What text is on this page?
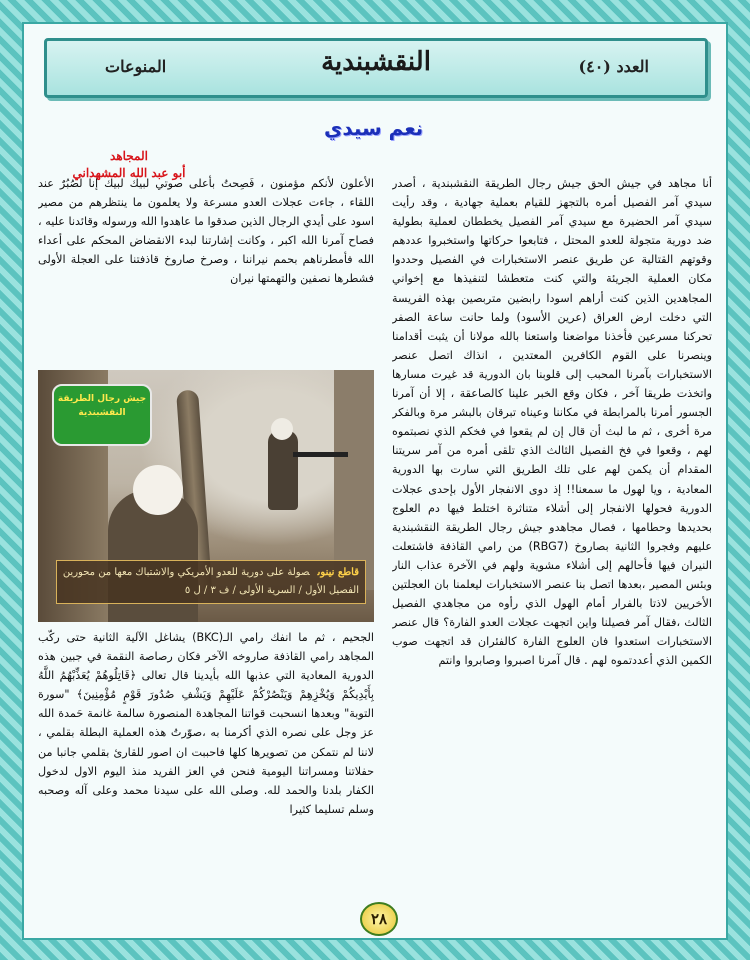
المنوعات	النقشبندية	العدد (٤٠)
نعم سيدي
المجاهد
أبو عبد الله المشهداني
أنا مجاهد في جيش الحق جيش رجال الطريقة النقشبندية ، أصدر سيدي آمر الفصيل أمره بالتجهز للقيام بعملية جهادية ، وقد رأيت سيدي آمر الحضيرة مع سيدي آمر الفصيل يخططان لعملية بطولية ضد دورية متجولة للعدو المحتل ، فتابعوا حركاتها واستخبروا عددهم وقوتهم القتالية عن طريق عنصر الاستخبارات في الفصيل وحددوا مكان العملية الجريئة والتي كنت متعطشا لتنفيذها مع إخواني المجاهدين الذين كنت أراهم اسودا رابضين متربصين بهذه الفريسة التي دخلت ارض العراق (عرين الأسود) ولما حانت ساعة الصفر تحركنا مسرعين فأخذنا مواضعنا واستعنا بالله مولانا أن يثبت أقدامنا وينصرنا على القوم الكافرين المعتدين ، انذاك اتصل عنصر الاستخبارات بآمرنا المحبب إلى قلوبنا بان الدورية قد غيرت مسارها واتخذت طريقا آخر ، فكان وقع الخبر علينا كالصاعقة ، إلا أن آمرنا الجسور أمرنا بالمرابطة في مكاننا وعيناه تبرقان بالبشر مرة وبالفكر مرة أخرى ، ثم ما لبث أن قال إن لم يقعوا في فخكم الذي نصبتموه لهم ، وقعوا في فخ الفصيل الثالث الذي تلقى أمره من آمر سريتنا المقدام أن يكمن لهم على تلك الطريق التي سارت بها الدورية المعادية ، ويا لهول ما سمعنا!! إذ دوى الانفجار الأول بإحدى عجلات الدورية فحولها الانفجار إلى أشلاء متناثرة اختلط فيها دم العلوج بحديدها وحطامها ، فصال مجاهدو جيش رجال الطريقة النقشبندية عليهم وفجروا الثانية بصاروخ (RBG7) من رامي القاذفة فاشتعلت النيران فيها فأحالهم إلى أشلاء مشوية ولهم في الآخرة عذاب النار وبئس المصير ،بعدها اتصل بنا عنصر الاستخبارات ليعلمنا بان العجلتين الأخريين لاذتا بالفرار أمام الهول الذي رأوه من مجاهدي الفصيل الثالث ،فقال آمر فصيلنا واين اتجهت عجلات العدو الفارة؟ قال عنصر الاستخبارات استعدوا فان العلوج الفارة كالفئران قد اتجهت صوب الكمين الذي أعددتموه لهم . قال آمرنا اصبروا وصابروا وانتم
الأعلون لأنكم مؤمنون ، فَصِحتُ بأعلى صوتي لبيك لبيك إنا لصُبُرٌ عند اللقاء ، جاءت عجلات العدو مسرعة ولا يعلمون ما ينتظرهم من مصير اسود على أيدي الرجال الذين صدقوا ما عاهدوا الله ورسوله وقائدنا عليه ، فصاح آمرنا الله اكبر ، وكانت إشارتنا لبدء الانقضاض المحكم على أعداء الله فأمطرناهم بحمم نيراننا ، وصرخ صاروخ قاذفتنا على العجلة الأولى فشطرها نصفين والتهمتها نيران
جيش رجال الطريقة النقشبندية
قاطع نينوىصولة على دورية للعدو الأمريكي والاشتباك معها من محورين
الفصيل الأول / السرية الأولى / ف ٣ / ل ٥
الجحيم ، ثم ما انفك رامي الـ(BKC) يشاغل الآلية الثانية حتى ركّب المجاهد رامي القاذفة صاروخه الآخر فكان رصاصة النقمة في جبين هذه الدورية المعادية التي عذبها الله بأيدينا قال تعالى ﴿قَاتِلُوهُمْ يُعَذِّبْهُمُ اللَّهُ بِأَيْدِيكُمْ وَيُخْزِهِمْ وَيَنْصُرْكُمْ عَلَيْهِمْ وَيَشْفِ صُدُورَ قَوْمٍ مُؤْمِنِينَ﴾ "سورة التوبة" وبعدها انسحبت قواتنا المجاهدة المنصورة سالمة غانمة حَمدة الله عز وجل على نصره الذي أكرمنا به ،صوّرتُ هذه العملية البطلة بقلمي ، لاننا لم نتمكن من تصويرها كلها فاحببت ان اصور للقارئ بقلمي جانبا من حفلاتنا ومسراتنا اليومية فنحن في العز الفريد منذ اليوم الاول لدخول الكفار بلدنا والحمد لله. وصلى الله على سيدنا محمد وعلى آله وصحبه وسلم تسليما كثيرا
٢٨
